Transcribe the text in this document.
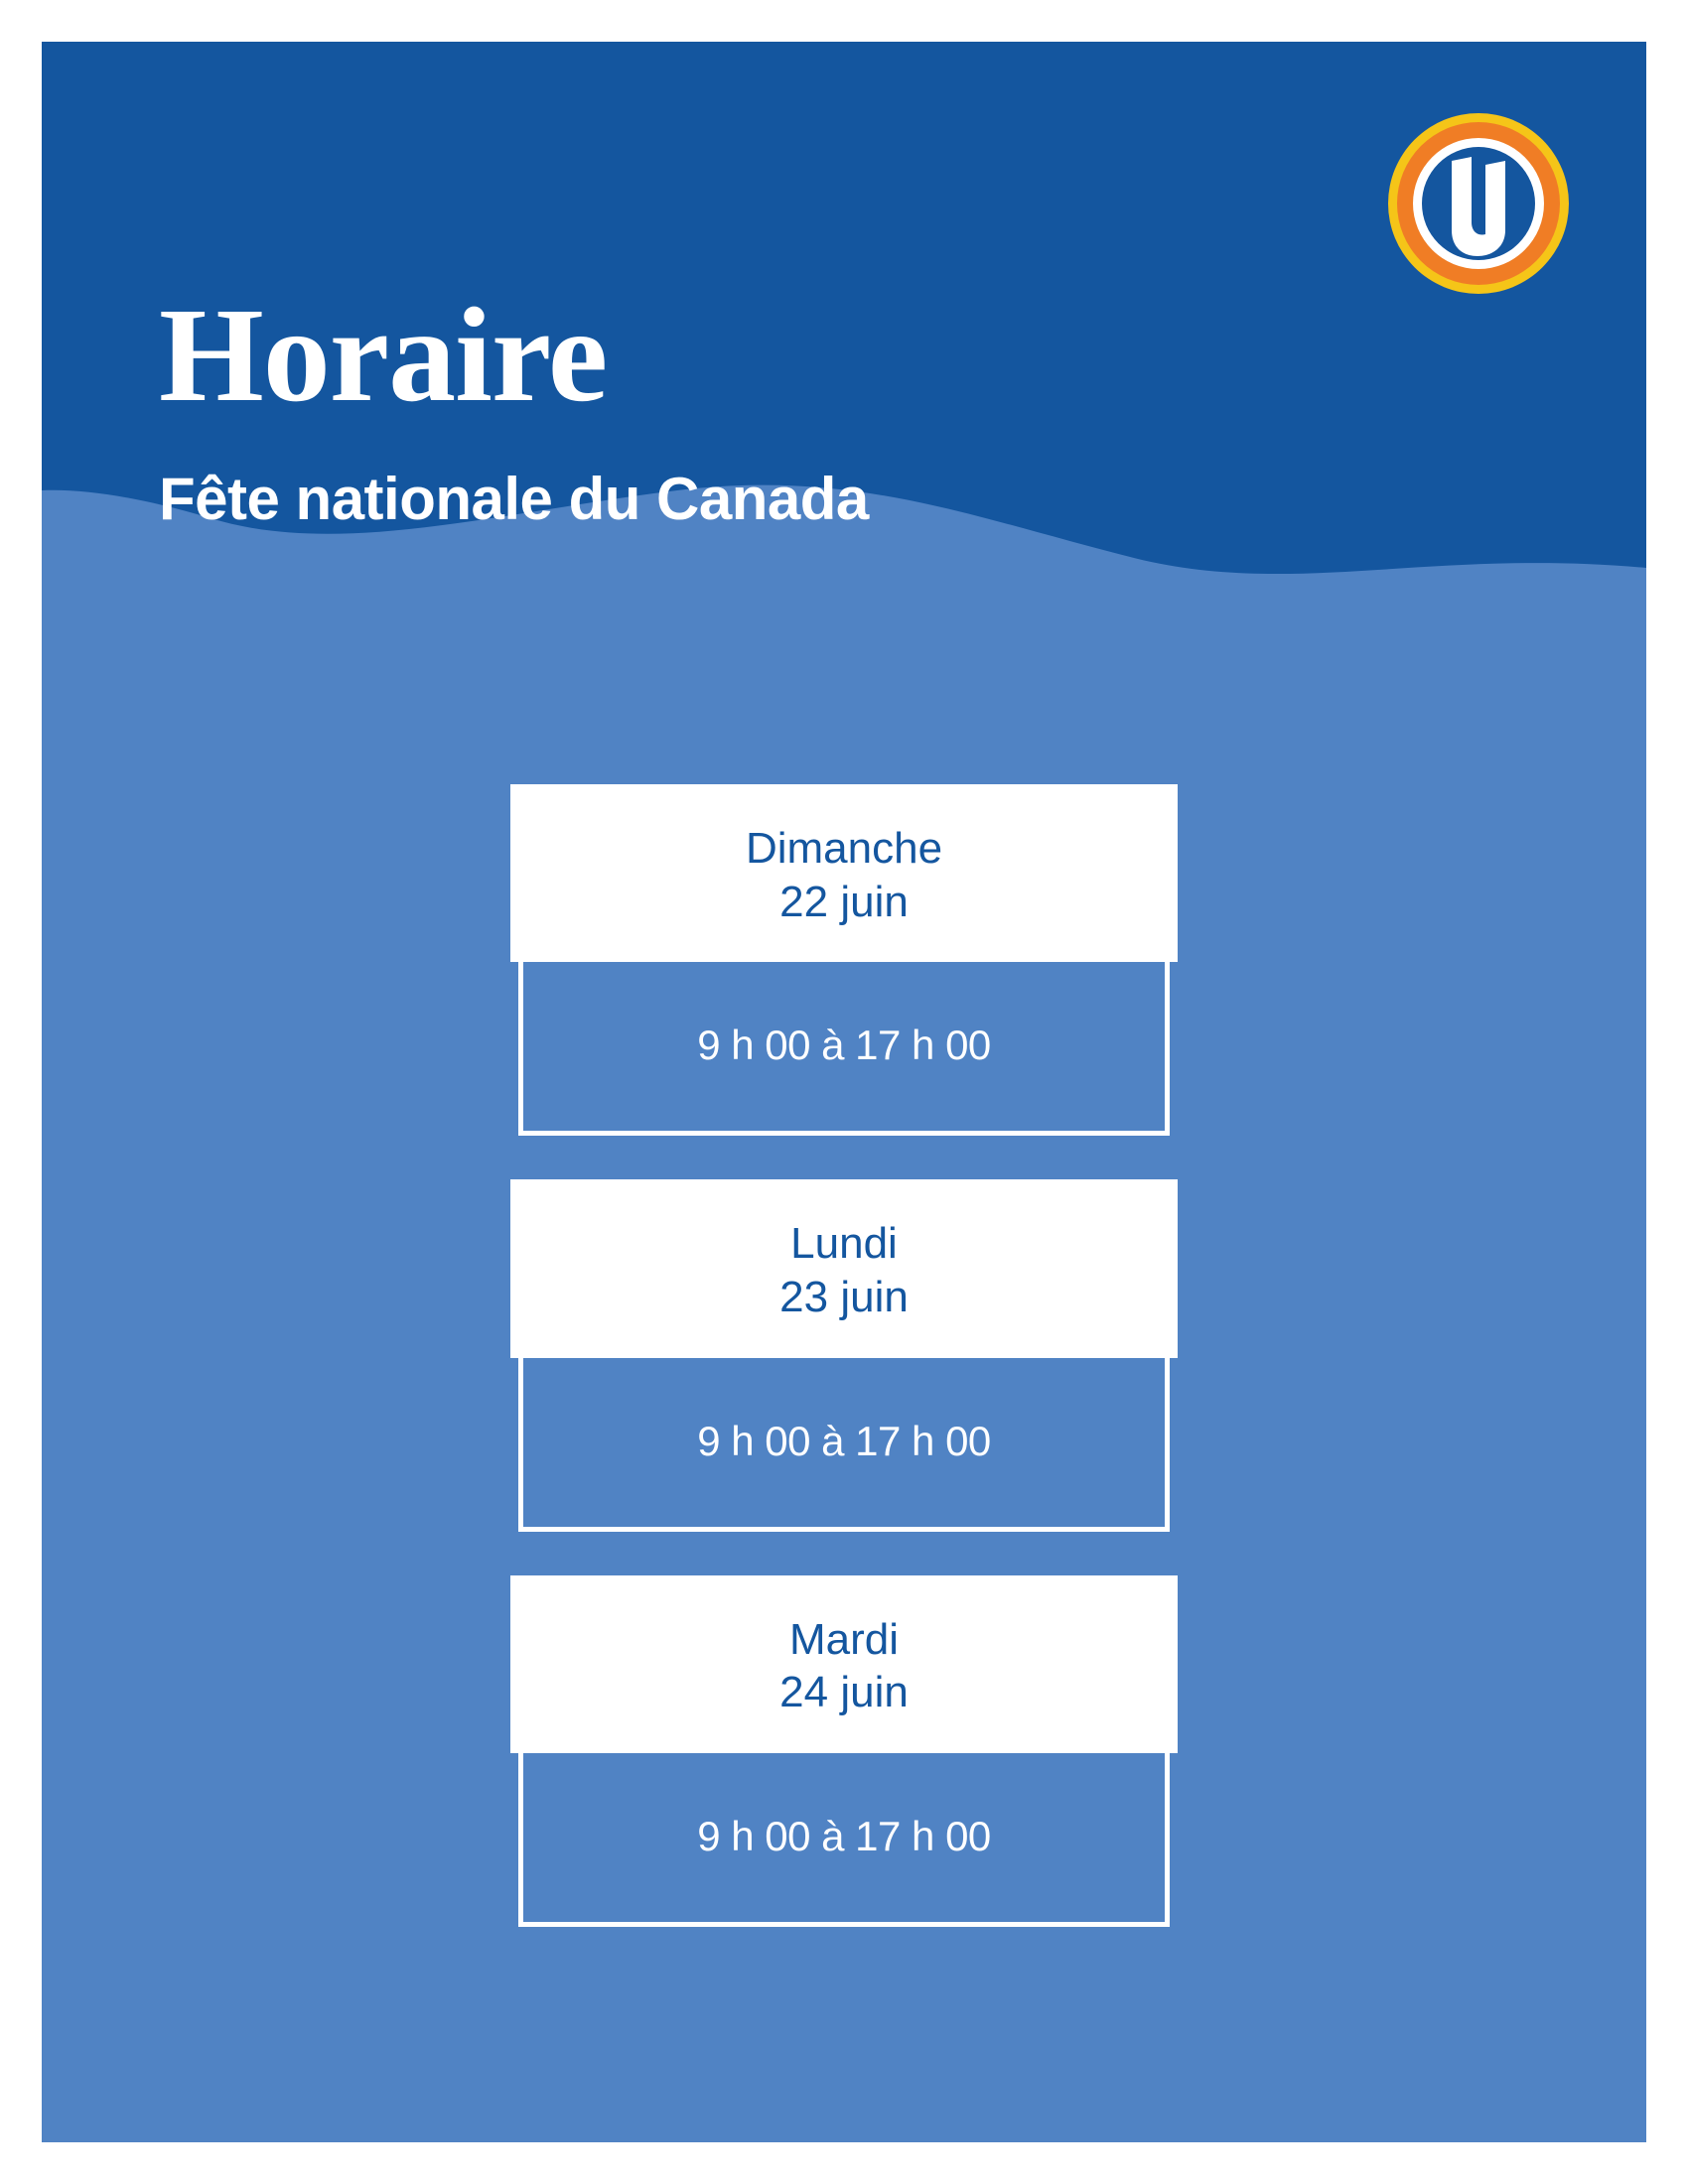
Horaire
Fête nationale du Canada
Dimanche
22 juin
9 h 00 à 17 h 00
Lundi
23 juin
9 h 00 à 17 h 00
Mardi
24 juin
9 h 00 à 17 h 00
